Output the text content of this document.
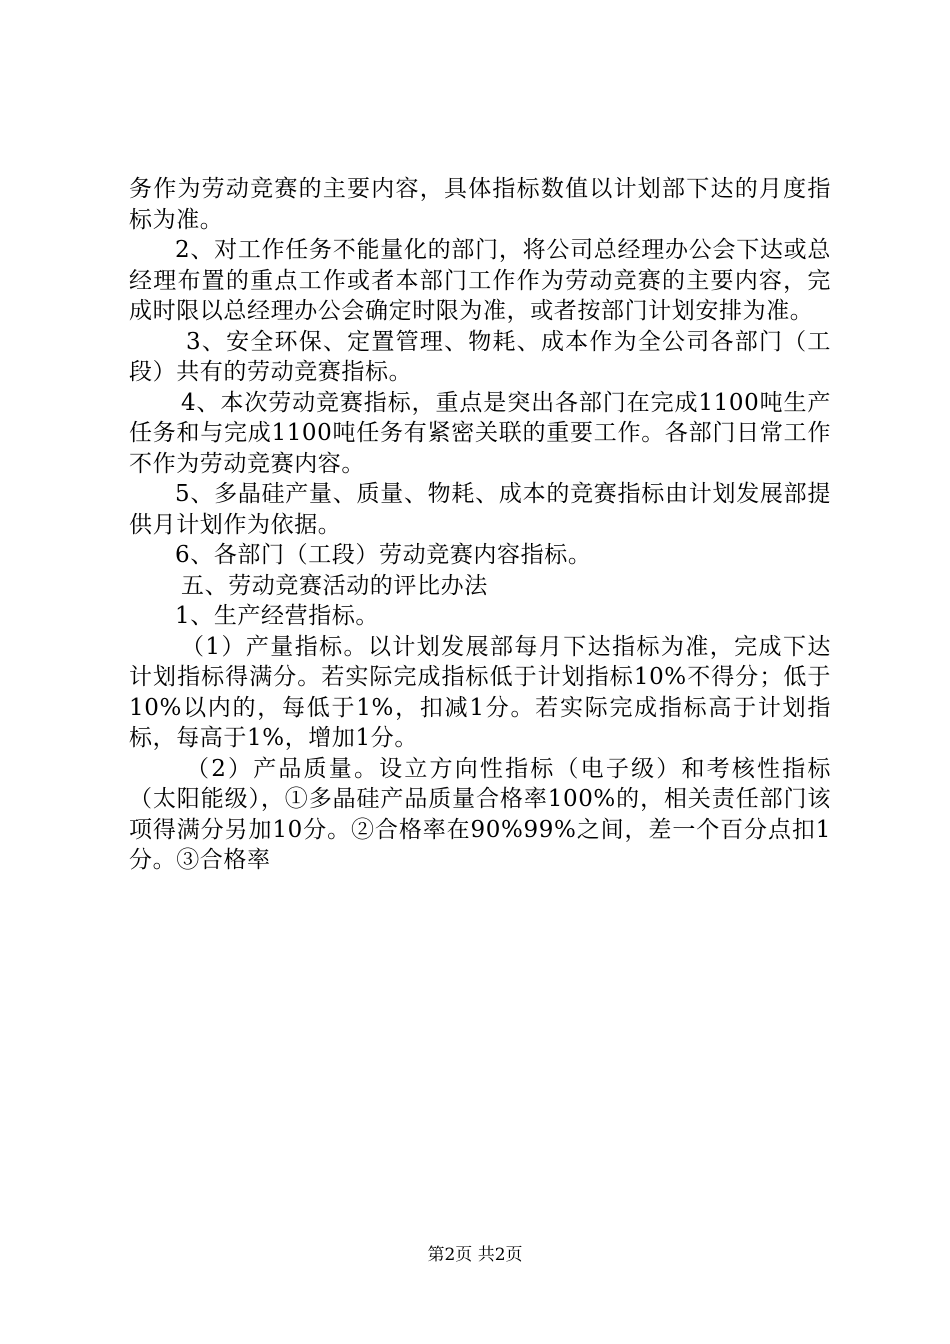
务作为劳动竞赛的主要内容，具体指标数值以计划部下达的月度指标为准。

2、对工作任务不能量化的部门，将公司总经理办公会下达或总经理布置的重点工作或者本部门工作作为劳动竞赛的主要内容，完成时限以总经理办公会确定时限为准，或者按部门计划安排为准。

3、安全环保、定置管理、物耗、成本作为全公司各部门（工段）共有的劳动竞赛指标。

4、本次劳动竞赛指标，重点是突出各部门在完成1100吨生产任务和与完成1100吨任务有紧密关联的重要工作。各部门日常工作不作为劳动竞赛内容。

5、多晶硅产量、质量、物耗、成本的竞赛指标由计划发展部提供月计划作为依据。

6、各部门（工段）劳动竞赛内容指标。

五、劳动竞赛活动的评比办法

1、生产经营指标。

（1）产量指标。以计划发展部每月下达指标为准，完成下达计划指标得满分。若实际完成指标低于计划指标10%不得分；低于10%以内的，每低于1%，扣减1分。若实际完成指标高于计划指标，每高于1%，增加1分。

（2）产品质量。设立方向性指标（电子级）和考核性指标（太阳能级），①多晶硅产品质量合格率100%的，相关责任部门该项得满分另加10分。②合格率在90%99%之间，差一个百分点扣1分。③合格率

第2页 共2页
